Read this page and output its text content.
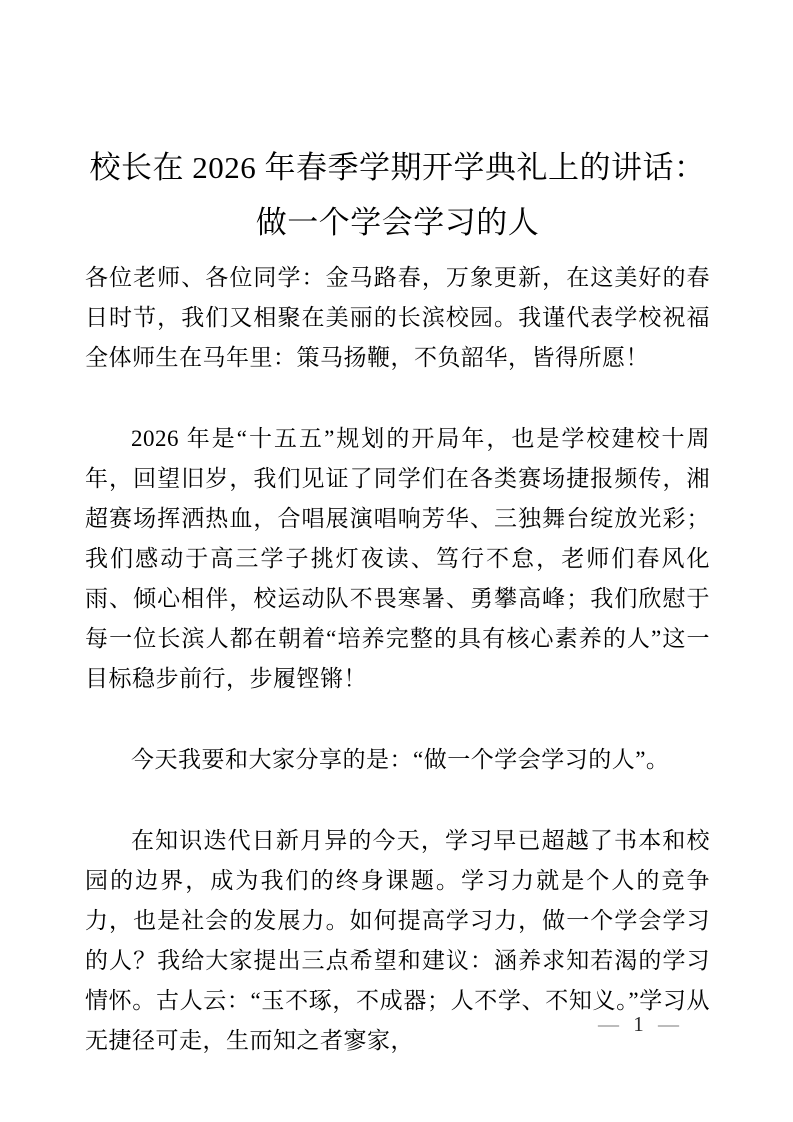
校长在 2026 年春季学期开学典礼上的讲话：做一个学会学习的人

各位老师、各位同学：金马路春，万象更新，在这美好的春日时节，我们又相聚在美丽的长滨校园。我谨代表学校祝福全体师生在马年里：策马扬鞭，不负韶华，皆得所愿！

2026 年是“十五五”规划的开局年，也是学校建校十周年，回望旧岁，我们见证了同学们在各类赛场捷报频传，湘超赛场挥洒热血，合唱展演唱响芳华、三独舞台绽放光彩；我们感动于高三学子挑灯夜读、笃行不怠，老师们春风化雨、倾心相伴，校运动队不畏寒暑、勇攀高峰；我们欣慰于每一位长滨人都在朝着“培养完整的具有核心素养的人”这一目标稳步前行，步履铿锵！

今天我要和大家分享的是：“做一个学会学习的人”。

在知识迭代日新月异的今天，学习早已超越了书本和校园的边界，成为我们的终身课题。学习力就是个人的竞争力，也是社会的发展力。如何提高学习力，做一个学会学习的人？我给大家提出三点希望和建议：涵养求知若渴的学习情怀。古人云：“玉不琢，不成器；人不学、不知义。”学习从无捷径可走，生而知之者寥家，

— 1 —
